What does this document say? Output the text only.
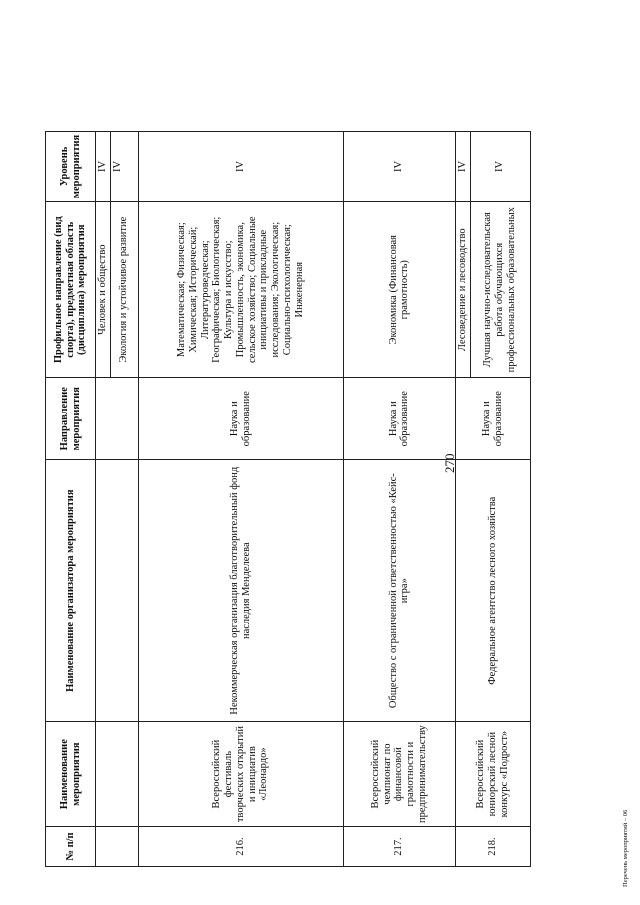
270
№ п/п	Наименование мероприятия	Наименование организатора мероприятия	Направление мероприятия	Профильное направление (вид спорта), предметная область (дисциплина) мероприятия	Уровень мероприятия
				Человек и общество	IV
				Экология и устойчивое развитие	IV
216.	Всероссийский фестиваль творческих открытий и инициатив «Леонардо»	Некоммерческая организация благотворительный фонд наследия Менделеева	Наука и образование	Математическая; Физическая; Химическая; Историческай; Литературоведческая; Географическая; Биологическая; Культура и искусство; Промышленность, экономика, сельское хозяйство; Социальные инициативы и прикладные исследования; Экологическая; Социально-психологическая; Инженерная	IV
217.	Всероссийский чемпионат по финансовой грамотности и предпринимательству	Общество с ограниченной ответственностью «Кейс- игра»	Наука и образование	Экономика (Финансовая грамотность)	IV
218.	Всероссийский юниорский лесной конкурс «Подрост»	Федеральное агентство лесного хозяйства	Наука и образование	Лесоведение и лесоводство	IV
				Лучшая научно-исследовательская работа обучающихся профессиональных образовательных	IV
Перечень мероприятий – 06
